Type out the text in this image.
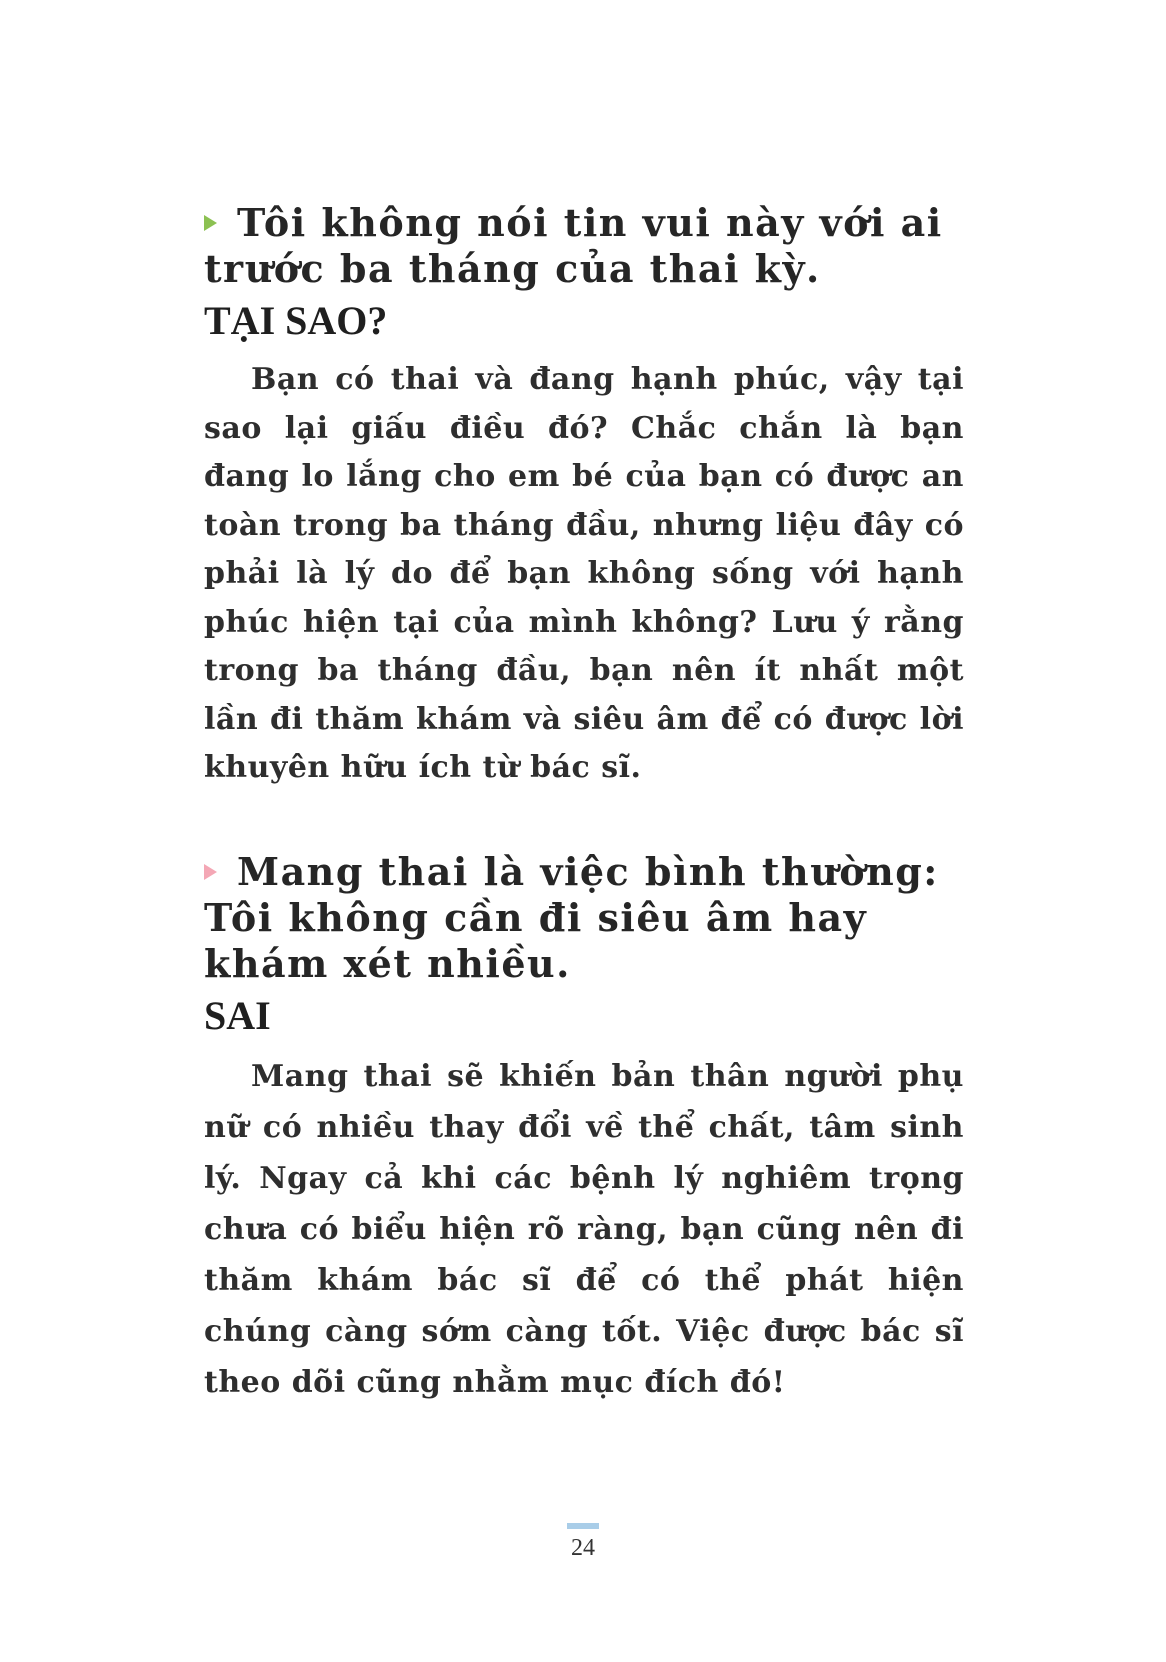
Tôi không nói tin vui này với ai trước ba tháng của thai kỳ.
TẠI SAO?

Bạn có thai và đang hạnh phúc, vậy tại sao lại giấu điều đó? Chắc chắn là bạn đang lo lắng cho em bé của bạn có được an toàn trong ba tháng đầu, nhưng liệu đây có phải là lý do để bạn không sống với hạnh phúc hiện tại của mình không? Lưu ý rằng trong ba tháng đầu, bạn nên ít nhất một lần đi thăm khám và siêu âm để có được lời khuyên hữu ích từ bác sĩ.

Mang thai là việc bình thường: Tôi không cần đi siêu âm hay khám xét nhiều.
SAI

Mang thai sẽ khiến bản thân người phụ nữ có nhiều thay đổi về thể chất, tâm sinh lý. Ngay cả khi các bệnh lý nghiêm trọng chưa có biểu hiện rõ ràng, bạn cũng nên đi thăm khám bác sĩ để có thể phát hiện chúng càng sớm càng tốt. Việc được bác sĩ theo dõi cũng nhằm mục đích đó!

24
